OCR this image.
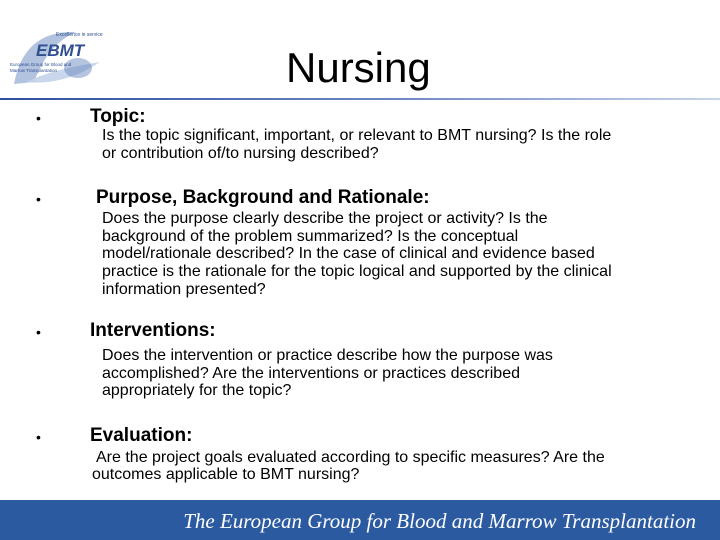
Excellence in service
EBMT
European Group for Blood and
Marrow Transplantation	Nursing
•	Topic:
Is the topic significant, important, or relevant to BMT nursing? Is the role
or contribution of/to nursing described?
•	Purpose, Background and Rationale:
Does the purpose clearly describe the project or activity? Is the
background of the problem summarized? Is the conceptual
model/rationale described? In the case of clinical and evidence based
practice is the rationale for the topic logical and supported by the clinical
information presented?
•	Interventions:
Does the intervention or practice describe how the purpose was
accomplished? Are the interventions or practices described
appropriately for the topic?
•	Evaluation:
Are the project goals evaluated according to specific measures? Are the
outcomes applicable to BMT nursing?
The European Group for Blood and Marrow Transplantation
